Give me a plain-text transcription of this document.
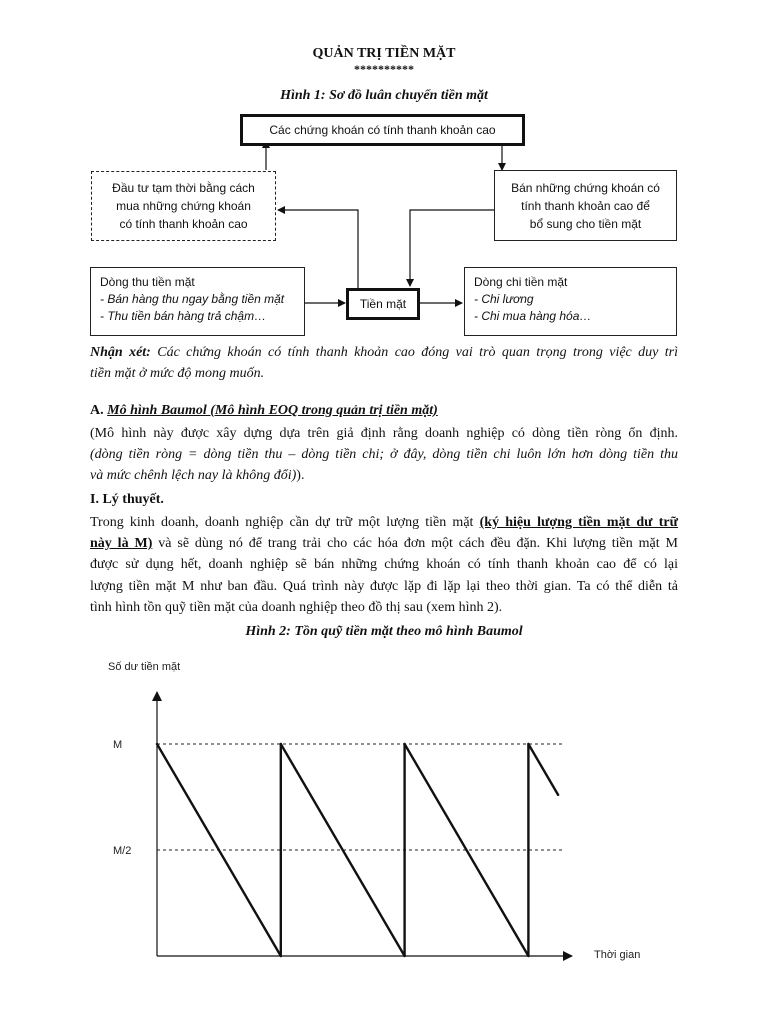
QUẢN TRỊ TIỀN MẶT
**********
Hình 1: Sơ đồ luân chuyển tiền mặt
Các chứng khoán có tính thanh khoản cao
Đầu tư tạm thời bằng cách
mua những chứng khoán
có tính thanh khoản cao
Bán những chứng khoán có
tính thanh khoản cao để
bổ sung cho tiền mặt
Tiền mặt
Dòng thu tiền mặt
- Bán hàng thu ngay bằng tiền mặt
- Thu tiền bán hàng trả chậm…
Dòng chi tiền mặt
- Chi lương
- Chi mua hàng hóa…
Nhận xét: Các chứng khoán có tính thanh khoản cao đóng vai trò quan trọng trong việc duy trì
tiền mặt ở mức độ mong muốn.
A. Mô hình Baumol (Mô hình EOQ trong quản trị tiền mặt)
(Mô hình này được xây dựng dựa trên giả định rằng doanh nghiệp có dòng tiền ròng ổn định.
(dòng tiền ròng = dòng tiền thu – dòng tiền chi; ở đây, dòng tiền chi luôn lớn hơn dòng tiền thu
và mức chênh lệch nay là không đổi)).
I. Lý thuyết.
Trong kinh doanh, doanh nghiệp cần dự trữ một lượng tiền mặt (ký hiệu lượng tiền mặt dư trữ
này là M) và sẽ dùng nó để trang trải cho các hóa đơn một cách đều đặn. Khi lượng tiền mặt M
được sử dụng hết, doanh nghiệp sẽ bán những chứng khoán có tính thanh khoản cao để có lại
lượng tiền mặt M như ban đầu. Quá trình này được lặp đi lặp lại theo thời gian. Ta có thể diễn tả
tình hình tồn quỹ tiền mặt của doanh nghiệp theo đồ thị sau (xem hình 2).
Hình 2: Tồn quỹ tiền mặt theo mô hình Baumol
Số dư tiền mặt
Thời gian
M
M/2
